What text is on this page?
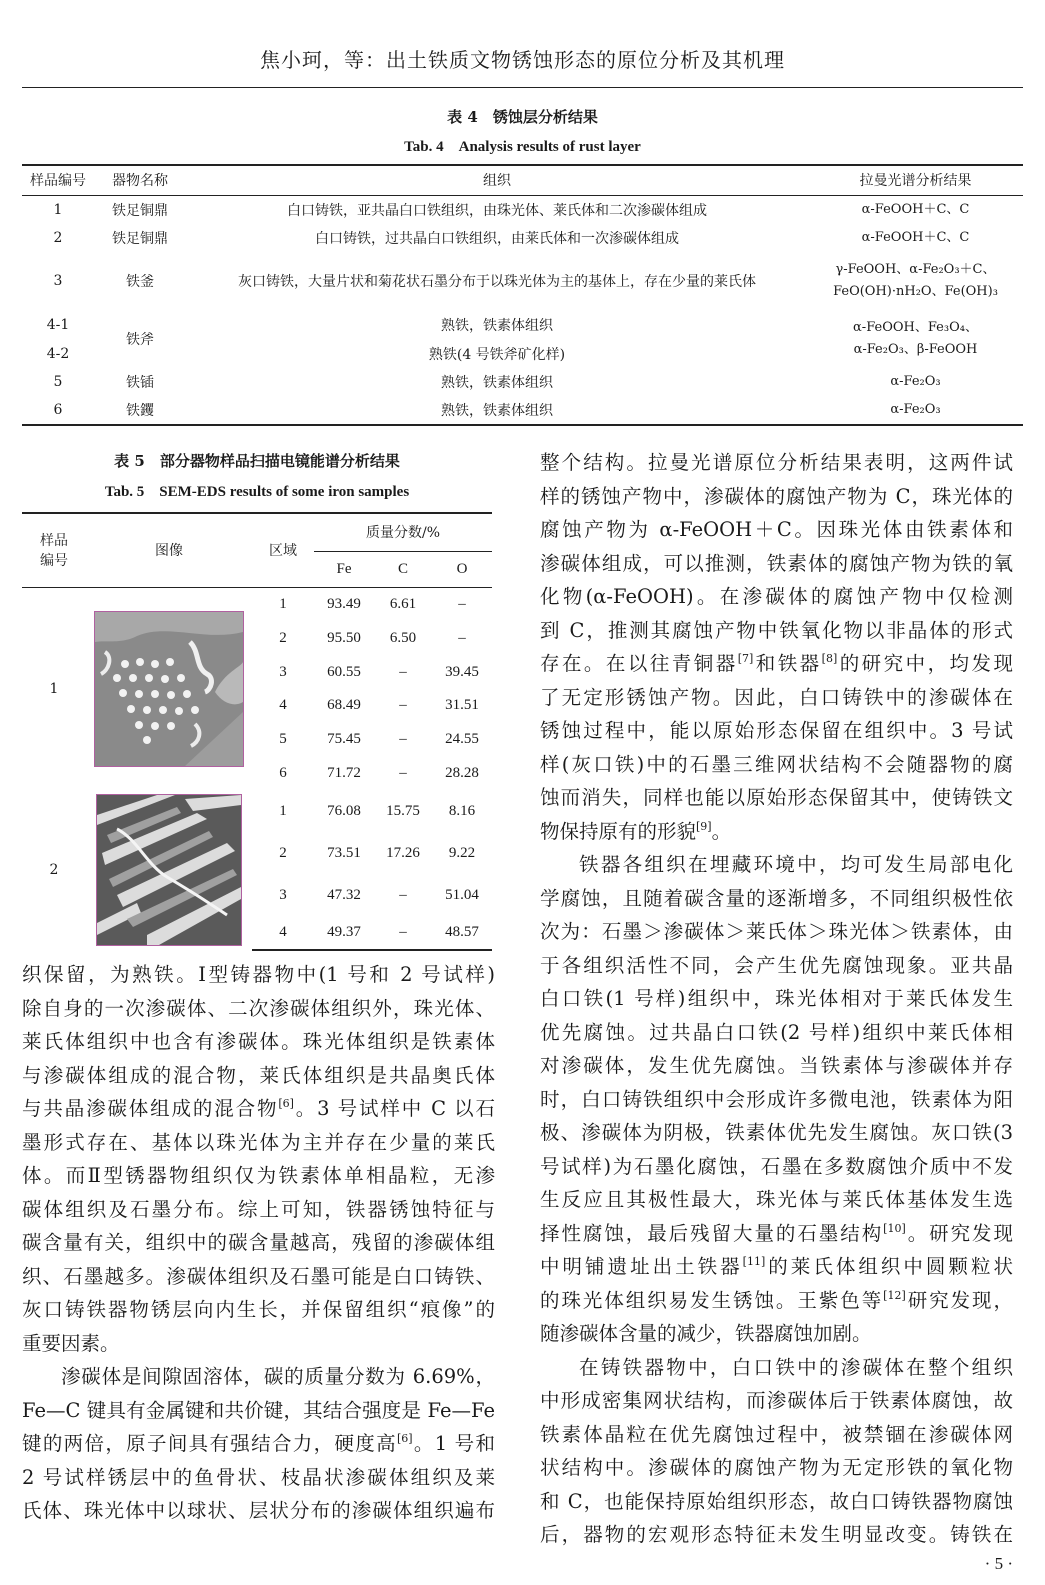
焦小珂，等：出土铁质文物锈蚀形态的原位分析及其机理
表 4　锈蚀层分析结果
Tab. 4　Analysis results of rust layer
样品编号	器物名称	组织	拉曼光谱分析结果
1	铁足铜鼎	白口铸铁，亚共晶白口铁组织，由珠光体、莱氏体和二次渗碳体组成	α-FeOOH＋C、C
2	铁足铜鼎	白口铸铁，过共晶白口铁组织，由莱氏体和一次渗碳体组成	α-FeOOH＋C、C
3	铁釜	灰口铸铁，大量片状和菊花状石墨分布于以珠光体为主的基体上，存在少量的莱氏体	γ-FeOOH、α-Fe₂O₃＋C、
FeO(OH)·nH₂O、Fe(OH)₃

4-1	铁斧	熟铁，铁素体组织	α-FeOOH、Fe₃O₄、
α-Fe₂O₃、β-FeOOH

4-2		熟铁(4 号铁斧矿化样)	
5	铁锸	熟铁，铁素体组织	α-Fe₂O₃
6	铁钁	熟铁，铁素体组织	α-Fe₂O₃
表 5　部分器物样品扫描电镜能谱分析结果
Tab. 5　SEM-EDS results of some iron samples
样品
编号	图像	区域	质量分数/%		
			Fe	C	O
1		1	93.49	6.61	–
		2	95.50	6.50	–
		3	60.55	–	39.45
		4	68.49	–	31.51
		5	75.45	–	24.55
		6	71.72	–	28.28
2		1	76.08	15.75	8.16
		2	73.51	17.26	9.22
		3	47.32	–	51.04
		4	49.37	–	48.57
织保留，为熟铁。Ⅰ型铸器物中(1 号和 2 号试样)
除自身的一次渗碳体、二次渗碳体组织外，珠光体、
莱氏体组织中也含有渗碳体。珠光体组织是铁素体
与渗碳体组成的混合物，莱氏体组织是共晶奥氏体
与共晶渗碳体组成的混合物[6]。3 号试样中 C 以石
墨形式存在、基体以珠光体为主并存在少量的莱氏
体。而Ⅱ型锈器物组织仅为铁素体单相晶粒，无渗
碳体组织及石墨分布。综上可知，铁器锈蚀特征与
碳含量有关，组织中的碳含量越高，残留的渗碳体组
织、石墨越多。渗碳体组织及石墨可能是白口铸铁、
灰口铸铁器物锈层向内生长，并保留组织“痕像”的
重要因素。
渗碳体是间隙固溶体，碳的质量分数为 6.69%，
Fe—C 键具有金属键和共价键，其结合强度是 Fe—Fe
键的两倍，原子间具有强结合力，硬度高[6]。1 号和
2 号试样锈层中的鱼骨状、枝晶状渗碳体组织及莱
氏体、珠光体中以球状、层状分布的渗碳体组织遍布
整个结构。拉曼光谱原位分析结果表明，这两件试
样的锈蚀产物中，渗碳体的腐蚀产物为 C，珠光体的
腐蚀产物为 α-FeOOH＋C。因珠光体由铁素体和
渗碳体组成，可以推测，铁素体的腐蚀产物为铁的氧
化物(α-FeOOH)。在渗碳体的腐蚀产物中仅检测
到 C，推测其腐蚀产物中铁氧化物以非晶体的形式
存在。在以往青铜器[7]和铁器[8]的研究中，均发现
了无定形锈蚀产物。因此，白口铸铁中的渗碳体在
锈蚀过程中，能以原始形态保留在组织中。3 号试
样(灰口铁)中的石墨三维网状结构不会随器物的腐
蚀而消失，同样也能以原始形态保留其中，使铸铁文
物保持原有的形貌[9]。
铁器各组织在埋藏环境中，均可发生局部电化
学腐蚀，且随着碳含量的逐渐增多，不同组织极性依
次为：石墨＞渗碳体＞莱氏体＞珠光体＞铁素体，由
于各组织活性不同，会产生优先腐蚀现象。亚共晶
白口铁(1 号样)组织中，珠光体相对于莱氏体发生
优先腐蚀。过共晶白口铁(2 号样)组织中莱氏体相
对渗碳体，发生优先腐蚀。当铁素体与渗碳体并存
时，白口铸铁组织中会形成许多微电池，铁素体为阳
极、渗碳体为阴极，铁素体优先发生腐蚀。灰口铁(3
号试样)为石墨化腐蚀，石墨在多数腐蚀介质中不发
生反应且其极性最大，珠光体与莱氏体基体发生选
择性腐蚀，最后残留大量的石墨结构[10]。研究发现
中明铺遗址出土铁器[11]的莱氏体组织中圆颗粒状
的珠光体组织易发生锈蚀。王紫色等[12]研究发现，
随渗碳体含量的减少，铁器腐蚀加剧。
在铸铁器物中，白口铁中的渗碳体在整个组织
中形成密集网状结构，而渗碳体后于铁素体腐蚀，故
铁素体晶粒在优先腐蚀过程中，被禁锢在渗碳体网
状结构中。渗碳体的腐蚀产物为无定形铁的氧化物
和 C，也能保持原始组织形态，故白口铸铁器物腐蚀
后，器物的宏观形态特征未发生明显改变。铸铁在
· 5 ·
